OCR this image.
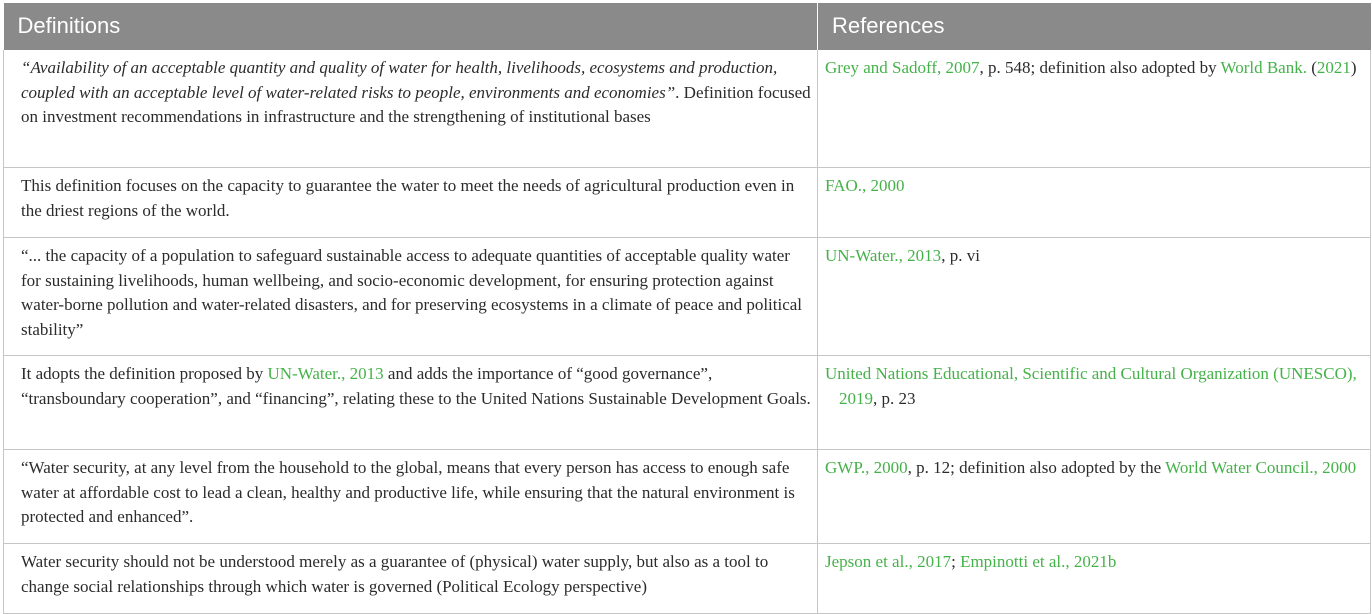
Definitions	References
“Availability of an acceptable quantity and quality of water for health, livelihoods, ecosystems and production, coupled with an acceptable level of water-related risks to people, environments and economies”. Definition focused on investment recommendations in infrastructure and the strengthening of institutional bases	Grey and Sadoff, 2007, p. 548; definition also adopted by World Bank. (2021)

This definition focuses on the capacity to guarantee the water to meet the needs of agricultural production even in the driest regions of the world.	FAO., 2000

“... the capacity of a population to safeguard sustainable access to adequate quantities of acceptable quality water for sustaining livelihoods, human wellbeing, and socio-economic development, for ensuring protection against water-borne pollution and water-related disasters, and for preserving ecosystems in a climate of peace and political stability”	UN-Water., 2013, p. vi

It adopts the definition proposed by UN-Water., 2013 and adds the importance of “good governance”, “transboundary cooperation”, and “financing”, relating these to the United Nations Sustainable Development Goals.	United Nations Educational, Scientific and Cultural Organization (UNESCO), 2019, p. 23

“Water security, at any level from the household to the global, means that every person has access to enough safe water at affordable cost to lead a clean, healthy and productive life, while ensuring that the natural environment is protected and enhanced”.	GWP., 2000, p. 12; definition also adopted by the World Water Council., 2000

Water security should not be understood merely as a guarantee of (physical) water supply, but also as a tool to change social relationships through which water is governed (Political Ecology perspective)	Jepson et al., 2017; Empinotti et al., 2021b
